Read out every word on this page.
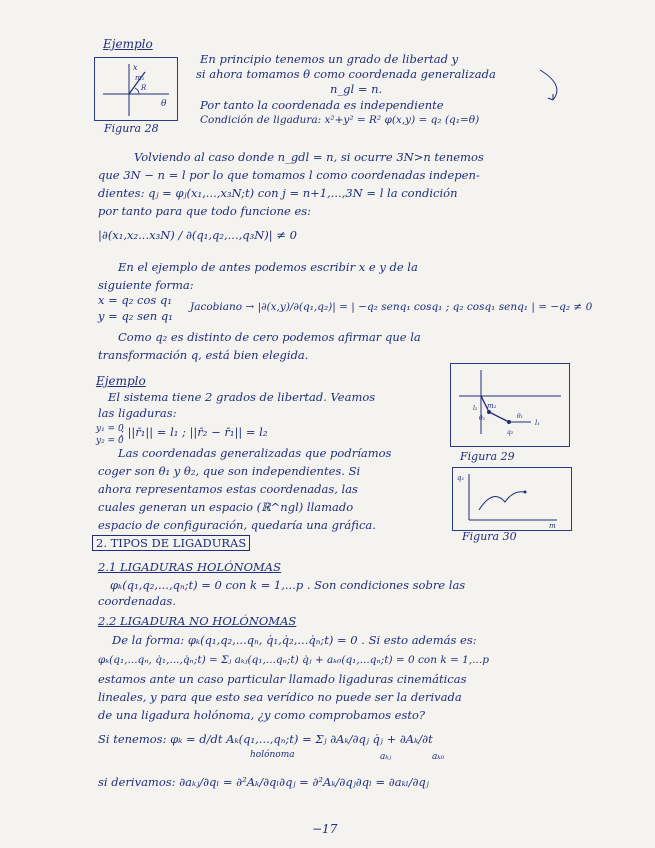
Ejemplo
x
θ
R
m₁
Figura 28
En principio tenemos un grado de libertad y
si ahora tomamos θ como coordenada generalizada
n_gl = n.
Por tanto la coordenada es independiente
Condición de ligadura: x²+y² = R² φ(x,y) = q₂ (q₁=θ)
Volviendo al caso donde n_gdl = n, si ocurre 3N>n tenemos
que 3N − n = l por lo que tomamos l como coordenadas indepen-
dientes: qⱼ = φⱼ(x₁,...,x₃N;t) con j = n+1,...,3N = l la condición
por tanto para que todo funcione es:
|∂(x₁,x₂...x₃N) / ∂(q₁,q₂,...,q₃N)| ≠ 0
En el ejemplo de antes podemos escribir x e y de la
siguiente forma:
x = q₂ cos q₁
y = q₂ sen q₁
Jacobiano → |∂(x,y)/∂(q₁,q₂)| = | −q₂ senq₁ cosq₁ ; q₂ cosq₁ senq₁ | = −q₂ ≠ 0
Como q₂ es distinto de cero podemos afirmar que la
transformación q, está bien elegida.
Ejemplo
El sistema tiene 2 grados de libertad. Veamos
las ligaduras:
y₁ = 0
y₂ = 0
; ||r̄₁|| = l₁ ; ||r̄₂ − r̄₁|| = l₂
Las coordenadas generalizadas que podríamos
coger son θ₁ y θ₂, que son independientes. Si
ahora representamos estas coordenadas, las
cuales generan un espacio (ℝ^ngl) llamado
espacio de configuración, quedaría una gráfica.
m₂
l₁
l₂
θ₁
θ₂
q₂
Figura 29
q₁
m
Figura 30
2. TIPOS DE LIGADURAS
2.1 LIGADURAS HOLÓNOMAS
φₖ(q₁,q₂,...,qₙ;t) = 0 con k = 1,...p . Son condiciones sobre las
coordenadas.
2.2 LIGADURA NO HOLÓNOMAS
De la forma: φₖ(q₁,q₂,...qₙ, q̇₁,q̇₂,...q̇ₙ;t) = 0 . Si esto además es:
φₖ(q₁,...qₙ, q̇₁,...,q̇ₙ;t) = Σⱼ aₖⱼ(q₁,...qₙ;t) q̇ⱼ + aₖ₀(q₁,...qₙ;t) = 0 con k = 1,...p
estamos ante un caso particular llamado ligaduras cinemáticas
lineales, y para que esto sea verídico no puede ser la derivada
de una ligadura holónoma, ¿y como comprobamos esto?
Si tenemos: φₖ = d/dt Aₖ(q₁,...,qₙ;t) = Σⱼ ∂Aₖ/∂qⱼ q̇ⱼ + ∂Aₖ/∂t
holónoma	aₖⱼ	aₖ₀
si derivamos: ∂aₖⱼ/∂qₗ = ∂²Aₖ/∂qₗ∂qⱼ = ∂²Aₖ/∂qⱼ∂qₗ = ∂aₖₗ/∂qⱼ
−17
